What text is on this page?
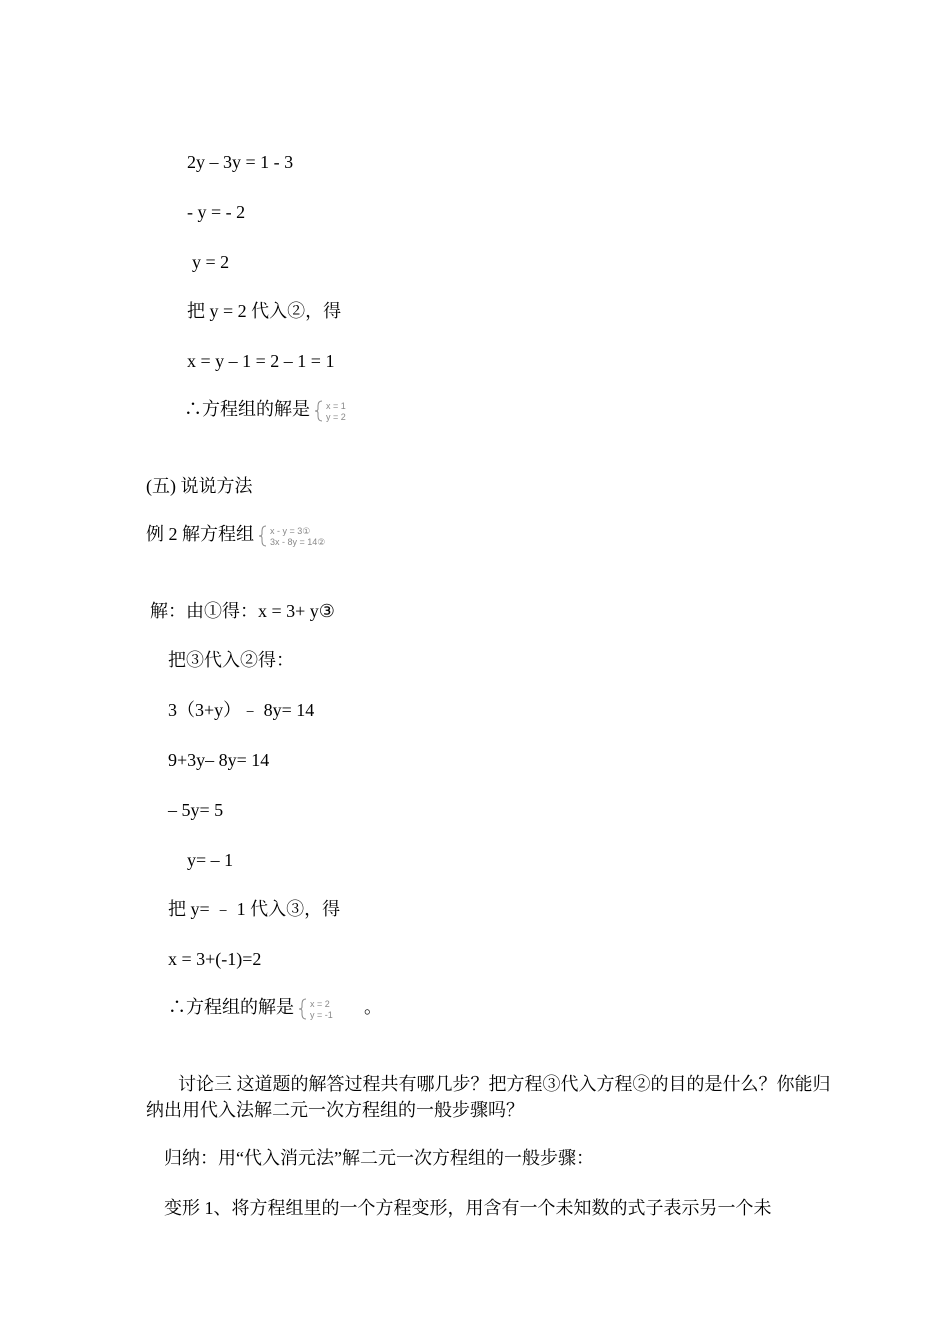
2y – 3y = 1 - 3
- y = - 2
y = 2
把 y = 2 代入②，得
x = y – 1 = 2 – 1 = 1
∴方程组的解是 x = 1
y = 2
(五) 说说方法
例 2 解方程组 x - y = 3①
3x - 8y = 14②
解：由①得：x = 3+ y③
把③代入②得：
3（3+y）﹣ 8y= 14
9+3y– 8y= 14
– 5y= 5
y= – 1
把 y= ﹣ 1 代入③，得
x = 3+(-1)=2
∴方程组的解是 x = 2
y = -1 。
讨论三 这道题的解答过程共有哪几步？把方程③代入方程②的目的是什么？你能归纳出用代入法解二元一次方程组的一般步骤吗？
归纳：用“代入消元法”解二元一次方程组的一般步骤：
变形 1、将方程组里的一个方程变形，用含有一个未知数的式子表示另一个未
